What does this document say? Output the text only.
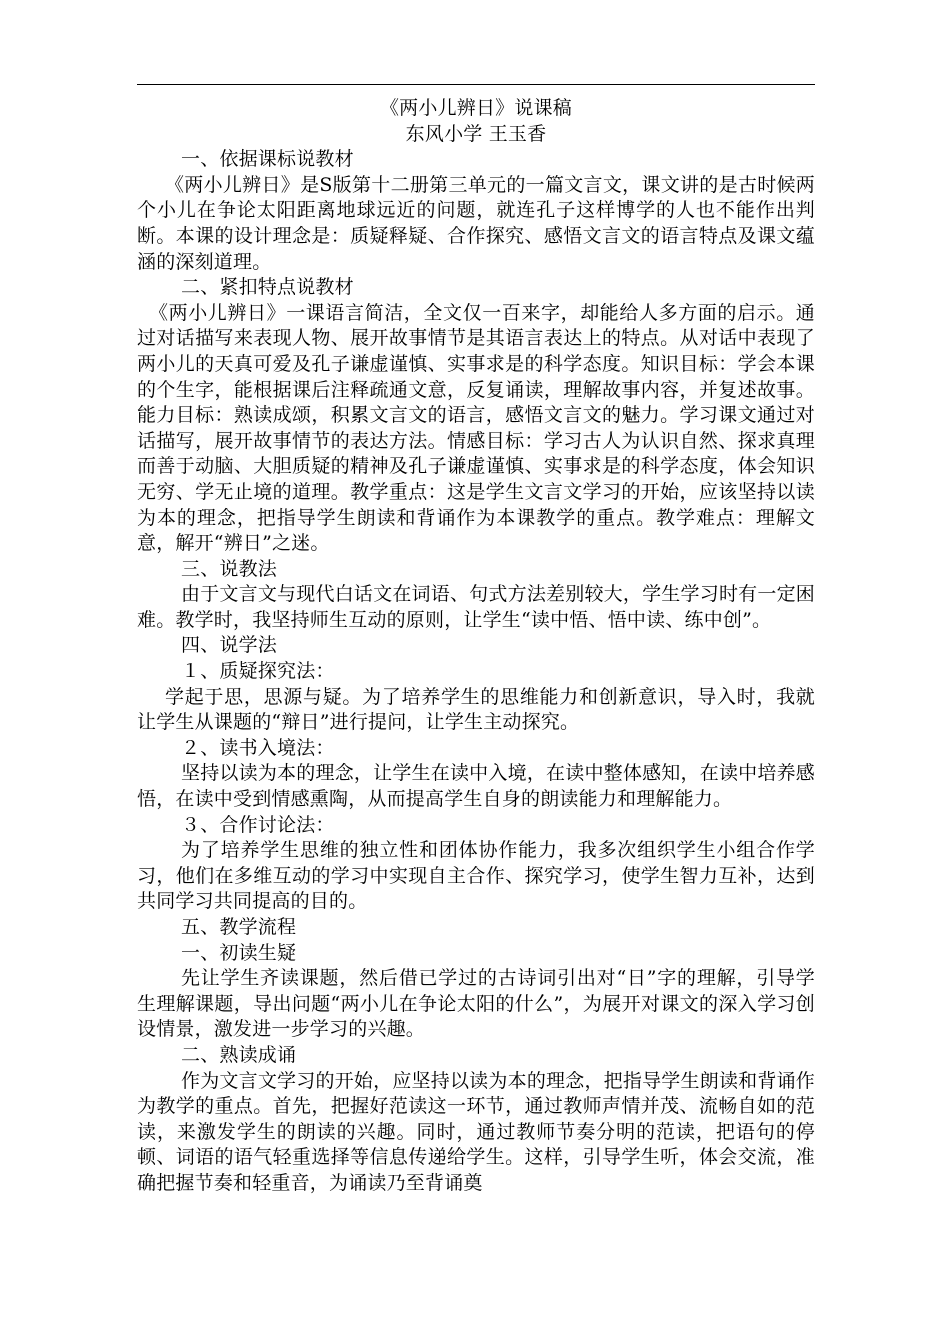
《两小儿辨日》说课稿

东风小学 王玉香

一、依据课标说教材

《两小儿辨日》是S版第十二册第三单元的一篇文言文，课文讲的是古时候两个小儿在争论太阳距离地球远近的问题，就连孔子这样博学的人也不能作出判断。本课的设计理念是：质疑释疑、合作探究、感悟文言文的语言特点及课文蕴涵的深刻道理。

二、紧扣特点说教材

《两小儿辨日》一课语言简洁，全文仅一百来字，却能给人多方面的启示。通过对话描写来表现人物、展开故事情节是其语言表达上的特点。从对话中表现了两小儿的天真可爱及孔子谦虚谨慎、实事求是的科学态度。知识目标：学会本课的个生字，能根据课后注释疏通文意，反复诵读，理解故事内容，并复述故事。能力目标：熟读成颂，积累文言文的语言，感悟文言文的魅力。学习课文通过对话描写，展开故事情节的表达方法。情感目标：学习古人为认识自然、探求真理而善于动脑、大胆质疑的精神及孔子谦虚谨慎、实事求是的科学态度，体会知识无穷、学无止境的道理。教学重点：这是学生文言文学习的开始，应该坚持以读为本的理念，把指导学生朗读和背诵作为本课教学的重点。教学难点：理解文意，解开“辨日”之迷。

三、说教法

由于文言文与现代白话文在词语、句式方法差别较大，学生学习时有一定困难。教学时，我坚持师生互动的原则，让学生“读中悟、悟中读、练中创”。

四、说学法

１、质疑探究法：

学起于思，思源与疑。为了培养学生的思维能力和创新意识，导入时，我就让学生从课题的“辩日”进行提问，让学生主动探究。

２、读书入境法：

坚持以读为本的理念，让学生在读中入境，在读中整体感知，在读中培养感悟，在读中受到情感熏陶，从而提高学生自身的朗读能力和理解能力。

３、合作讨论法：

为了培养学生思维的独立性和团体协作能力，我多次组织学生小组合作学习，他们在多维互动的学习中实现自主合作、探究学习，使学生智力互补，达到共同学习共同提高的目的。

五、教学流程

一、初读生疑

先让学生齐读课题，然后借已学过的古诗词引出对“日”字的理解，引导学生理解课题，导出问题“两小儿在争论太阳的什么”，为展开对课文的深入学习创设情景，激发进一步学习的兴趣。

二、熟读成诵

作为文言文学习的开始，应坚持以读为本的理念，把指导学生朗读和背诵作为教学的重点。首先，把握好范读这一环节，通过教师声情并茂、流畅自如的范读，来激发学生的朗读的兴趣。同时，通过教师节奏分明的范读，把语句的停顿、词语的语气轻重选择等信息传递给学生。这样，引导学生听，体会交流，准确把握节奏和轻重音，为诵读乃至背诵奠
